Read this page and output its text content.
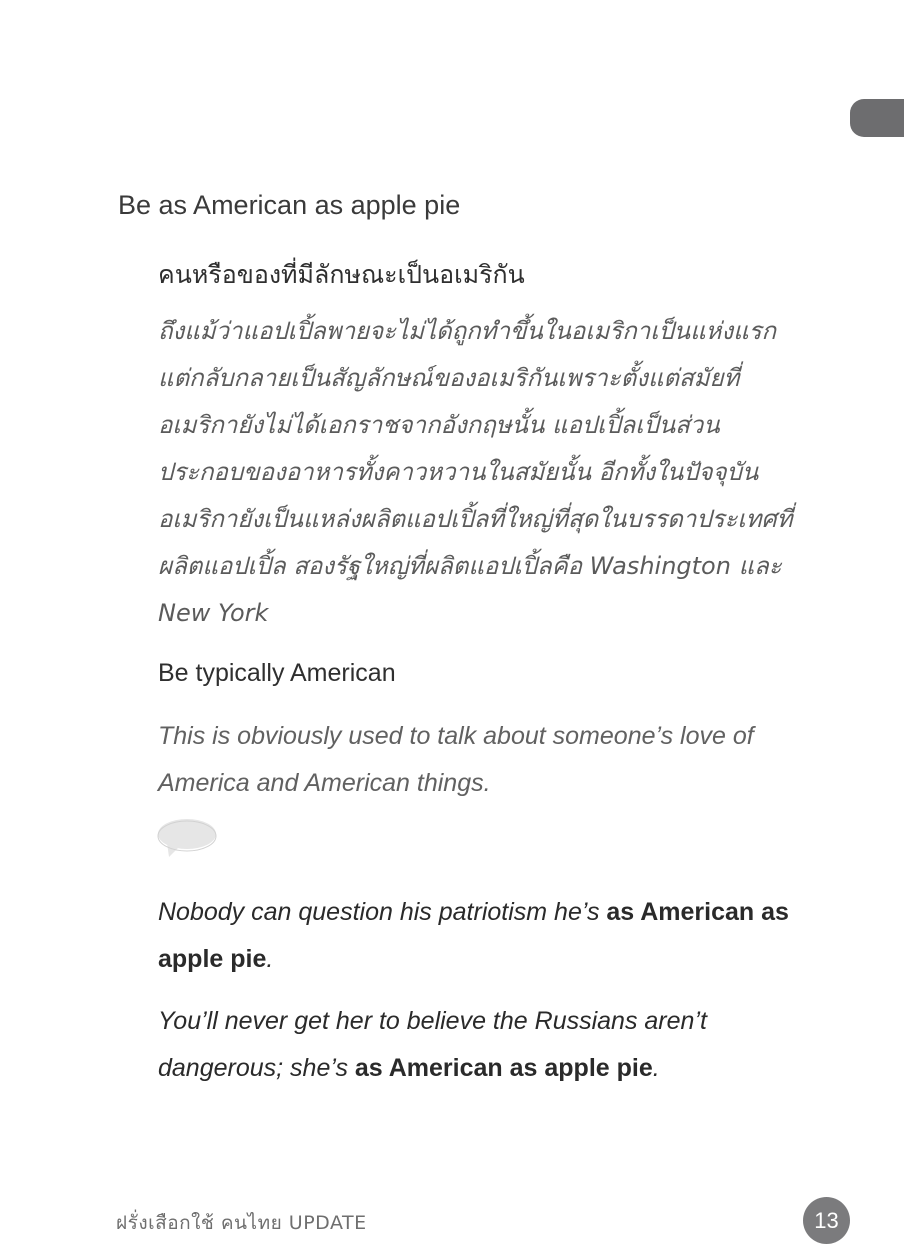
Be as American as apple pie
คนหรือของที่มีลักษณะเป็นอเมริกัน
ถึงแม้ว่าแอปเปิ้ลพายจะไม่ได้ถูกทำขึ้นในอเมริกาเป็นแห่งแรก
แต่กลับกลายเป็นสัญลักษณ์ของอเมริกันเพราะตั้งแต่สมัยที่
อเมริกายังไม่ได้เอกราชจากอังกฤษนั้น แอปเปิ้ลเป็นส่วน
ประกอบของอาหารทั้งคาวหวานในสมัยนั้น อีกทั้งในปัจจุบัน
อเมริกายังเป็นแหล่งผลิตแอปเปิ้ลที่ใหญ่ที่สุดในบรรดาประเทศที่
ผลิตแอปเปิ้ล สองรัฐใหญ่ที่ผลิตแอปเปิ้ลคือ Washington และ
New York
Be typically American
This is obviously used to talk about someone’s love of
America and American things.
Nobody can question his patriotism he’s as American as
apple pie.
You’ll never get her to believe the Russians aren’t
dangerous; she’s as American as apple pie.
ฝรั่งเสือกใช้ คนไทย UPDATE	13
